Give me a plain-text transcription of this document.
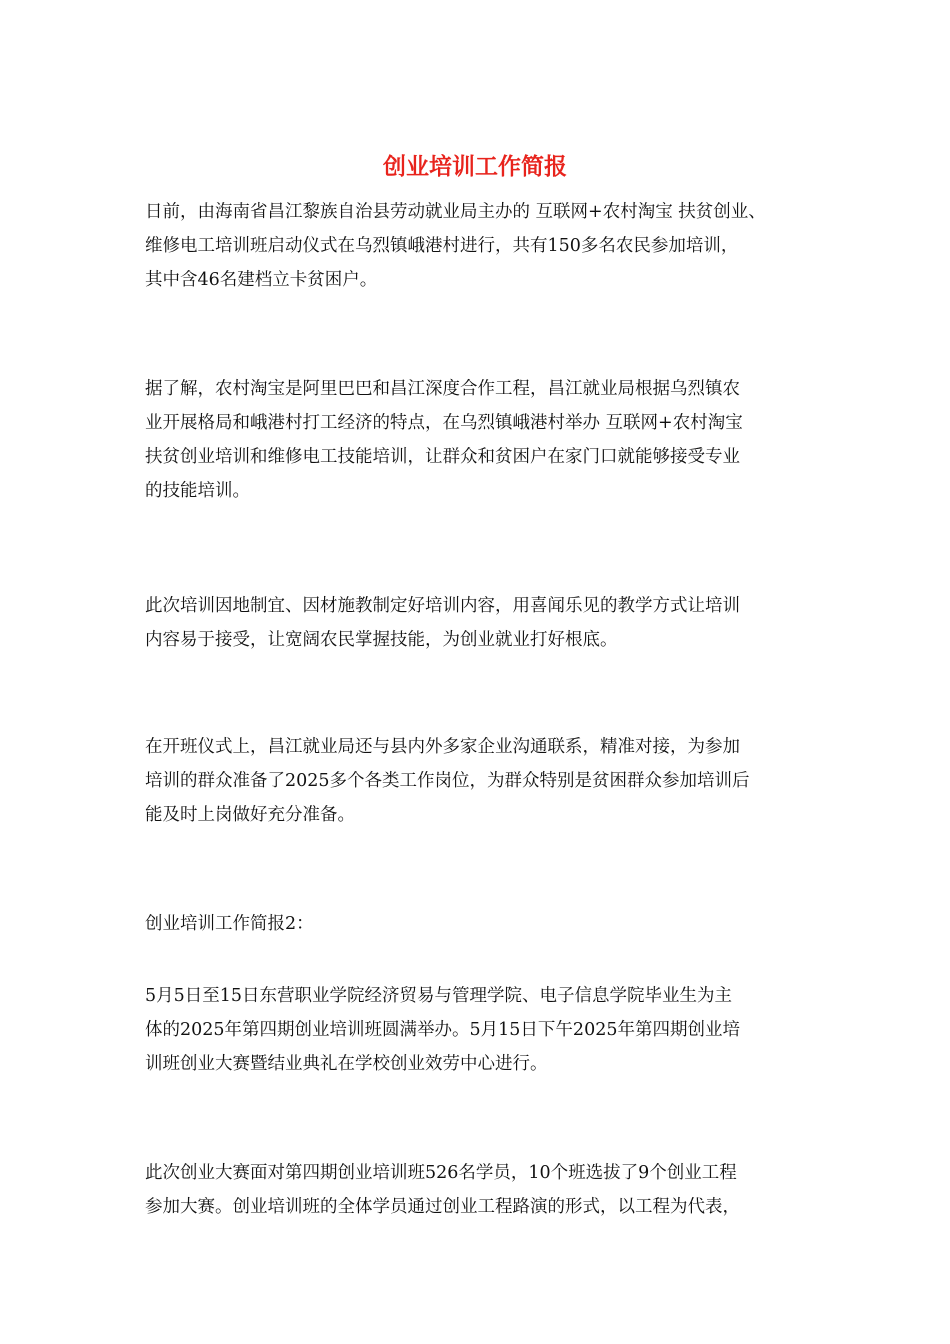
创业培训工作简报

日前，由海南省昌江黎族自治县劳动就业局主办的 互联网+农村淘宝 扶贫创业、
维修电工培训班启动仪式在乌烈镇峨港村进行，共有150多名农民参加培训，
其中含46名建档立卡贫困户。

据了解，农村淘宝是阿里巴巴和昌江深度合作工程，昌江就业局根据乌烈镇农
业开展格局和峨港村打工经济的特点，在乌烈镇峨港村举办 互联网+农村淘宝
扶贫创业培训和维修电工技能培训，让群众和贫困户在家门口就能够接受专业
的技能培训。

此次培训因地制宜、因材施教制定好培训内容，用喜闻乐见的教学方式让培训
内容易于接受，让宽阔农民掌握技能，为创业就业打好根底。

在开班仪式上，昌江就业局还与县内外多家企业沟通联系，精准对接，为参加
培训的群众准备了2025多个各类工作岗位，为群众特别是贫困群众参加培训后
能及时上岗做好充分准备。

创业培训工作简报2：

5月5日至15日东营职业学院经济贸易与管理学院、电子信息学院毕业生为主
体的2025年第四期创业培训班圆满举办。5月15日下午2025年第四期创业培
训班创业大赛暨结业典礼在学校创业效劳中心进行。

此次创业大赛面对第四期创业培训班526名学员，10个班选拔了9个创业工程
参加大赛。创业培训班的全体学员通过创业工程路演的形式，以工程为代表，
